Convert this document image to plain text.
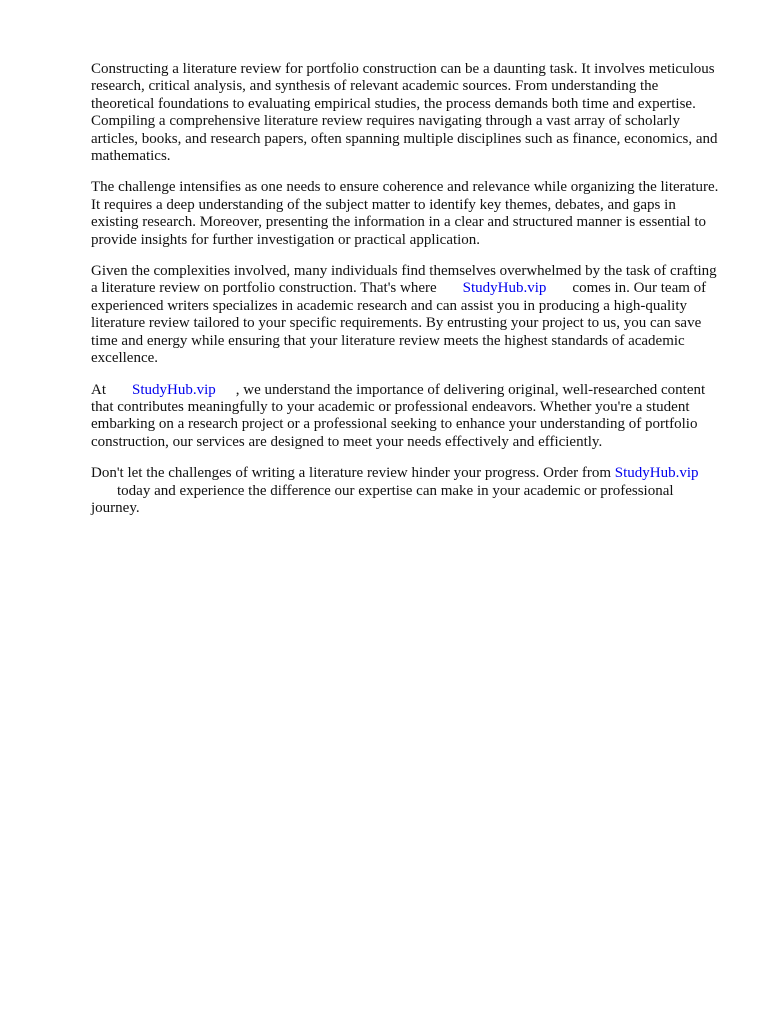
Constructing a literature review for portfolio construction can be a daunting task. It involves meticulous research, critical analysis, and synthesis of relevant academic sources. From understanding the theoretical foundations to evaluating empirical studies, the process demands both time and expertise. Compiling a comprehensive literature review requires navigating through a vast array of scholarly articles, books, and research papers, often spanning multiple disciplines such as finance, economics, and mathematics.

The challenge intensifies as one needs to ensure coherence and relevance while organizing the literature. It requires a deep understanding of the subject matter to identify key themes, debates, and gaps in existing research. Moreover, presenting the information in a clear and structured manner is essential to provide insights for further investigation or practical application.

Given the complexities involved, many individuals find themselves overwhelmed by the task of crafting a literature review on portfolio construction. That's where StudyHub.vip comes in. Our team of experienced writers specializes in academic research and can assist you in producing a high-quality literature review tailored to your specific requirements. By entrusting your project to us, you can save time and energy while ensuring that your literature review meets the highest standards of academic excellence.

At StudyHub.vip , we understand the importance of delivering original, well-researched content that contributes meaningfully to your academic or professional endeavors. Whether you're a student embarking on a research project or a professional seeking to enhance your understanding of portfolio construction, our services are designed to meet your needs effectively and efficiently.

Don't let the challenges of writing a literature review hinder your progress. Order from StudyHub.viptoday and experience the difference our expertise can make in your academic or professional journey.
